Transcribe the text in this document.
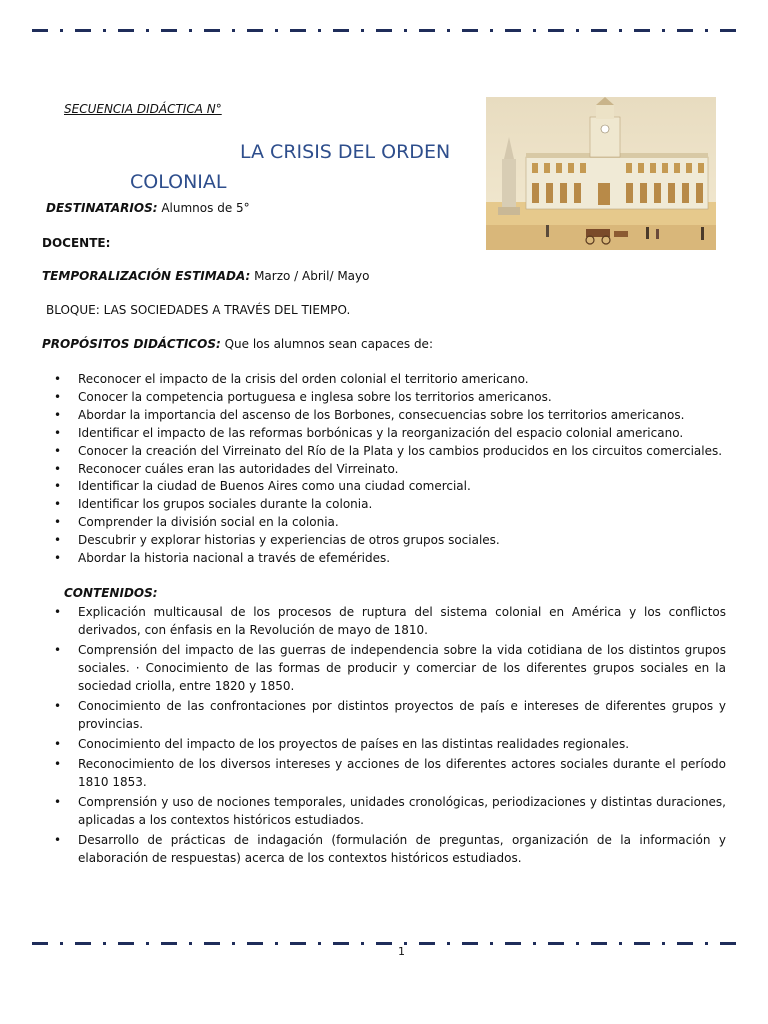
SECUENCIA DIDÁCTICA N°
LA CRISIS DEL ORDEN
COLONIAL
DESTINATARIOS: Alumnos de 5°
DOCENTE:
TEMPORALIZACIÓN ESTIMADA: Marzo / Abril/ Mayo
BLOQUE: LAS SOCIEDADES A TRAVÉS DEL TIEMPO.
PROPÓSITOS DIDÁCTICOS: Que los alumnos sean capaces de:
• Reconocer el impacto de la crisis del orden colonial el territorio americano.
• Conocer la competencia portuguesa e inglesa sobre los territorios americanos.
• Abordar la importancia del ascenso de los Borbones, consecuencias sobre los territorios americanos.
• Identificar el impacto de las reformas borbónicas y la reorganización del espacio colonial americano.
• Conocer la creación del Virreinato del Río de la Plata y los cambios producidos en los circuitos comerciales.
• Reconocer cuáles eran las autoridades del Virreinato.
• Identificar la ciudad de Buenos Aires como una ciudad comercial.
• Identificar los grupos sociales durante la colonia.
• Comprender la división social en la colonia.
• Descubrir y explorar historias y experiencias de otros grupos sociales.
• Abordar la historia nacional a través de efemérides.
CONTENIDOS:
• Explicación multicausal de los procesos de ruptura del sistema colonial en América y los conflictos derivados, con énfasis en la Revolución de mayo de 1810.
• Comprensión del impacto de las guerras de independencia sobre la vida cotidiana de los distintos grupos sociales. · Conocimiento de las formas de producir y comerciar de los diferentes grupos sociales en la sociedad criolla, entre 1820 y 1850.
• Conocimiento de las confrontaciones por distintos proyectos de país e intereses de diferentes grupos y provincias.
• Conocimiento del impacto de los proyectos de países en las distintas realidades regionales.
• Reconocimiento de los diversos intereses y acciones de los diferentes actores sociales durante el período 1810 1853.
• Comprensión y uso de nociones temporales, unidades cronológicas, periodizaciones y distintas duraciones, aplicadas a los contextos históricos estudiados.
• Desarrollo de prácticas de indagación (formulación de preguntas, organización de la información y elaboración de respuestas) acerca de los contextos históricos estudiados.
1
